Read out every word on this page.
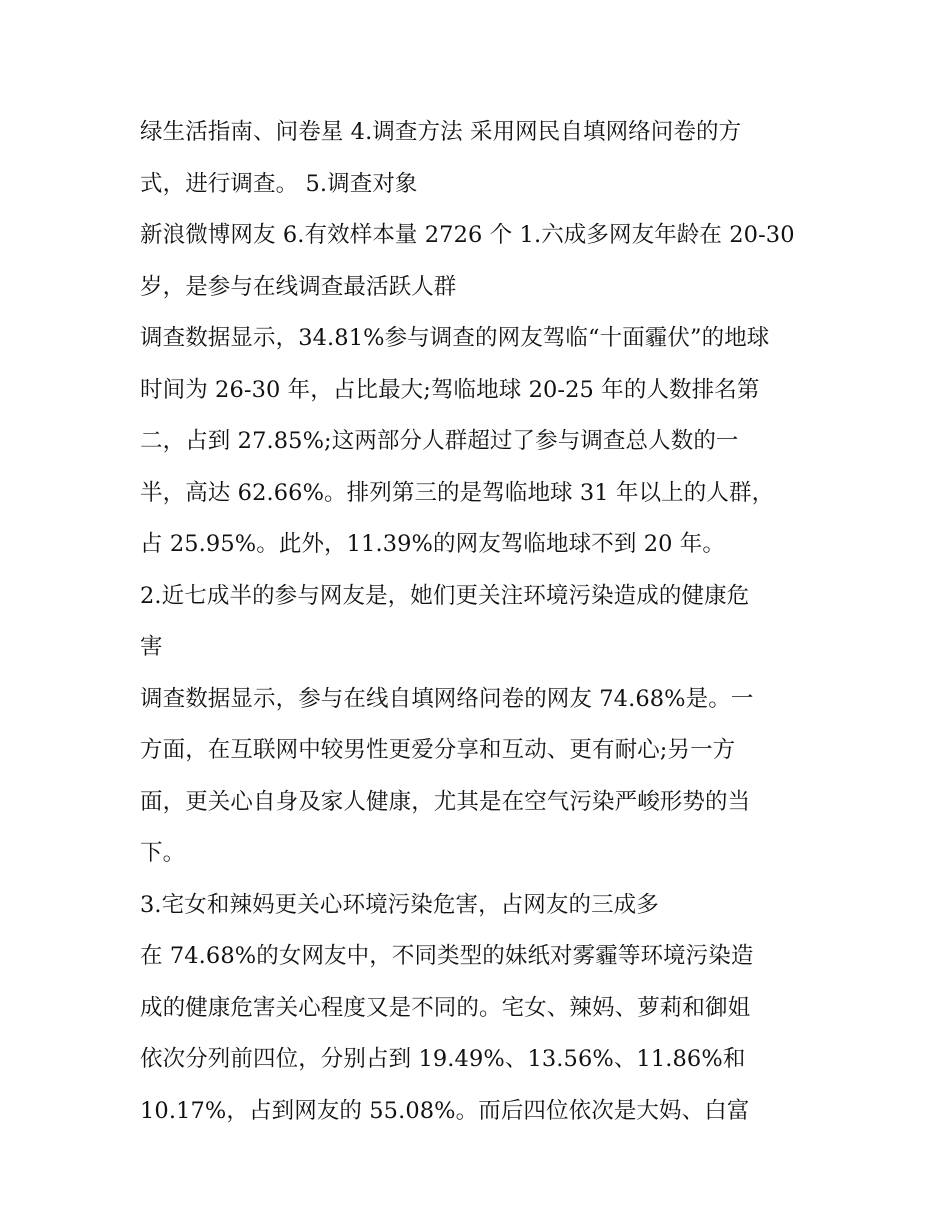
绿生活指南、问卷星 4.调查方法 采用网民自填网络问卷的方
式，进行调查。 5.调查对象
新浪微博网友 6.有效样本量 2726 个 1.六成多网友年龄在 20-30
岁，是参与在线调查最活跃人群
调查数据显示，34.81%参与调查的网友驾临“十面霾伏”的地球
时间为 26-30 年，占比最大;驾临地球 20-25 年的人数排名第
二，占到 27.85%;这两部分人群超过了参与调查总人数的一
半，高达 62.66%。排列第三的是驾临地球 31 年以上的人群，
占 25.95%。此外，11.39%的网友驾临地球不到 20 年。
2.近七成半的参与网友是，她们更关注环境污染造成的健康危
害
调查数据显示，参与在线自填网络问卷的网友 74.68%是。一
方面，在互联网中较男性更爱分享和互动、更有耐心;另一方
面，更关心自身及家人健康，尤其是在空气污染严峻形势的当
下。
3.宅女和辣妈更关心环境污染危害，占网友的三成多
在 74.68%的女网友中，不同类型的妹纸对雾霾等环境污染造
成的健康危害关心程度又是不同的。宅女、辣妈、萝莉和御姐
依次分列前四位，分别占到 19.49%、13.56%、11.86%和
10.17%，占到网友的 55.08%。而后四位依次是大妈、白富
